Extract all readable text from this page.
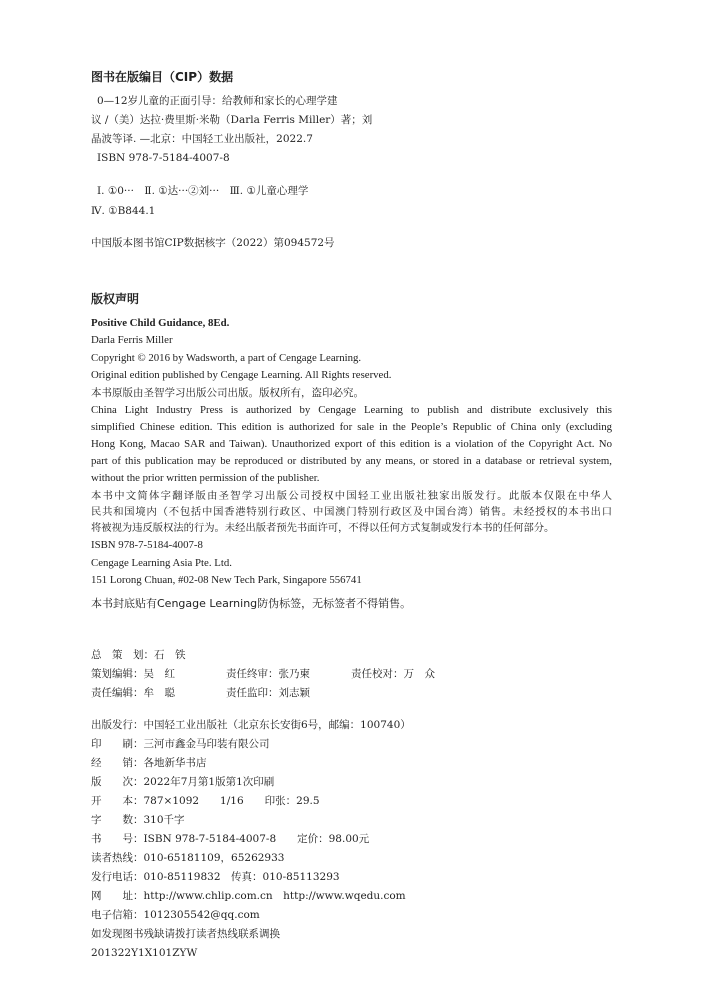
图书在版编目（CIP）数据
0—12岁儿童的正面引导：给教师和家长的心理学建
议 /（美）达拉·费里斯·米勒（Darla Ferris Miller）著；刘
晶波等译. —北京：中国轻工业出版社，2022.7
ISBN 978-7-5184-4007-8
Ⅰ. ①0···　Ⅱ. ①达···②刘···　Ⅲ. ①儿童心理学
Ⅳ. ①B844.1
中国版本图书馆CIP数据核字（2022）第094572号
版权声明
Positive Child Guidance, 8Ed.
Darla Ferris Miller
Copyright © 2016 by Wadsworth, a part of Cengage Learning.
Original edition published by Cengage Learning. All Rights reserved.
本书原版由圣智学习出版公司出版。版权所有，盗印必究。
China Light Industry Press is authorized by Cengage Learning to publish and distribute exclusively this
simplified Chinese edition. This edition is authorized for sale in the People’s Republic of China only (excluding
Hong Kong, Macao SAR and Taiwan). Unauthorized export of this edition is a violation of the Copyright Act. No
part of this publication may be reproduced or distributed by any means, or stored in a database or retrieval system,
without the prior written permission of the publisher.
本书中文简体字翻译版由圣智学习出版公司授权中国轻工业出版社独家出版发行。此版本仅限在中华人
民共和国境内（不包括中国香港特别行政区、中国澳门特别行政区及中国台湾）销售。未经授权的本书出口
将被视为违反版权法的行为。未经出版者预先书面许可，不得以任何方式复制或发行本书的任何部分。
ISBN 978-7-5184-4007-8
Cengage Learning Asia Pte. Ltd.
151 Lorong Chuan, #02-08 New Tech Park, Singapore 556741
本书封底贴有Cengage Learning防伪标签，无标签者不得销售。
总　策　划：石　铁
策划编辑：吴　红	责任终审：张乃柬	责任校对：万　众
责任编辑：牟　聪	责任监印：刘志颖
出版发行：中国轻工业出版社（北京东长安街6号，邮编：100740）
印　　刷：三河市鑫金马印装有限公司
经　　销：各地新华书店
版　　次：2022年7月第1版第1次印刷
开　　本：787×1092　　1/16　　印张：29.5
字　　数：310千字
书　　号：ISBN 978-7-5184-4007-8　　定价：98.00元
读者热线：010-65181109，65262933
发行电话：010-85119832　传真：010-85113293
网　　址：http://www.chlip.com.cn　http://www.wqedu.com
电子信箱：1012305542@qq.com
如发现图书残缺请拨打读者热线联系调换
201322Y1X101ZYW
